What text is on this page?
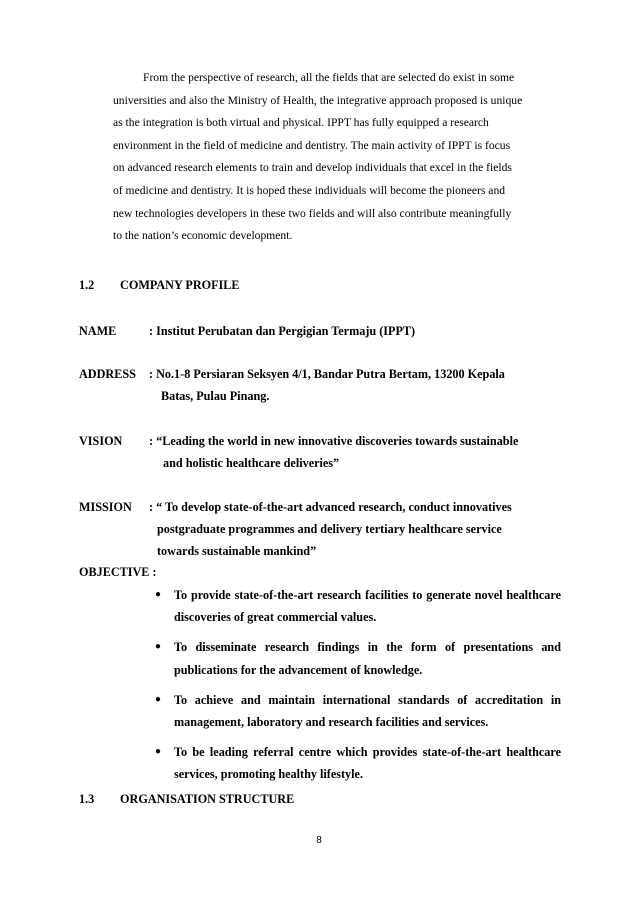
From the perspective of research, all the fields that are selected do exist in some
universities and also the Ministry of Health, the integrative approach proposed is unique
as the integration is both virtual and physical. IPPT has fully equipped a research
environment in the field of medicine and dentistry. The main activity of IPPT is focus
on advanced research elements to train and develop individuals that excel in the fields
of medicine and dentistry. It is hoped these individuals will become the pioneers and
new technologies developers in these two fields and will also contribute meaningfully
to the nation’s economic development.
1.2 COMPANY PROFILE
NAME	: Institut Perubatan dan Pergigian Termaju (IPPT)
ADDRESS	: No.1-8 Persiaran Seksyen 4/1, Bandar Putra Bertam, 13200 Kepala
Batas, Pulau Pinang.
VISION	: “Leading the world in new innovative discoveries towards sustainable
and holistic healthcare deliveries”
MISSION	: “ To develop state-of-the-art advanced research, conduct innovatives
postgraduate programmes and delivery tertiary healthcare service
towards sustainable mankind”
OBJECTIVE :
● To provide state-of-the-art research facilities to generate novel healthcare discoveries of great commercial values.
● To disseminate research findings in the form of presentations and publications for the advancement of knowledge.
● To achieve and maintain international standards of accreditation in management, laboratory and research facilities and services.
● To be leading referral centre which provides state-of-the-art healthcare services, promoting healthy lifestyle.
1.3 ORGANISATION STRUCTURE
8
